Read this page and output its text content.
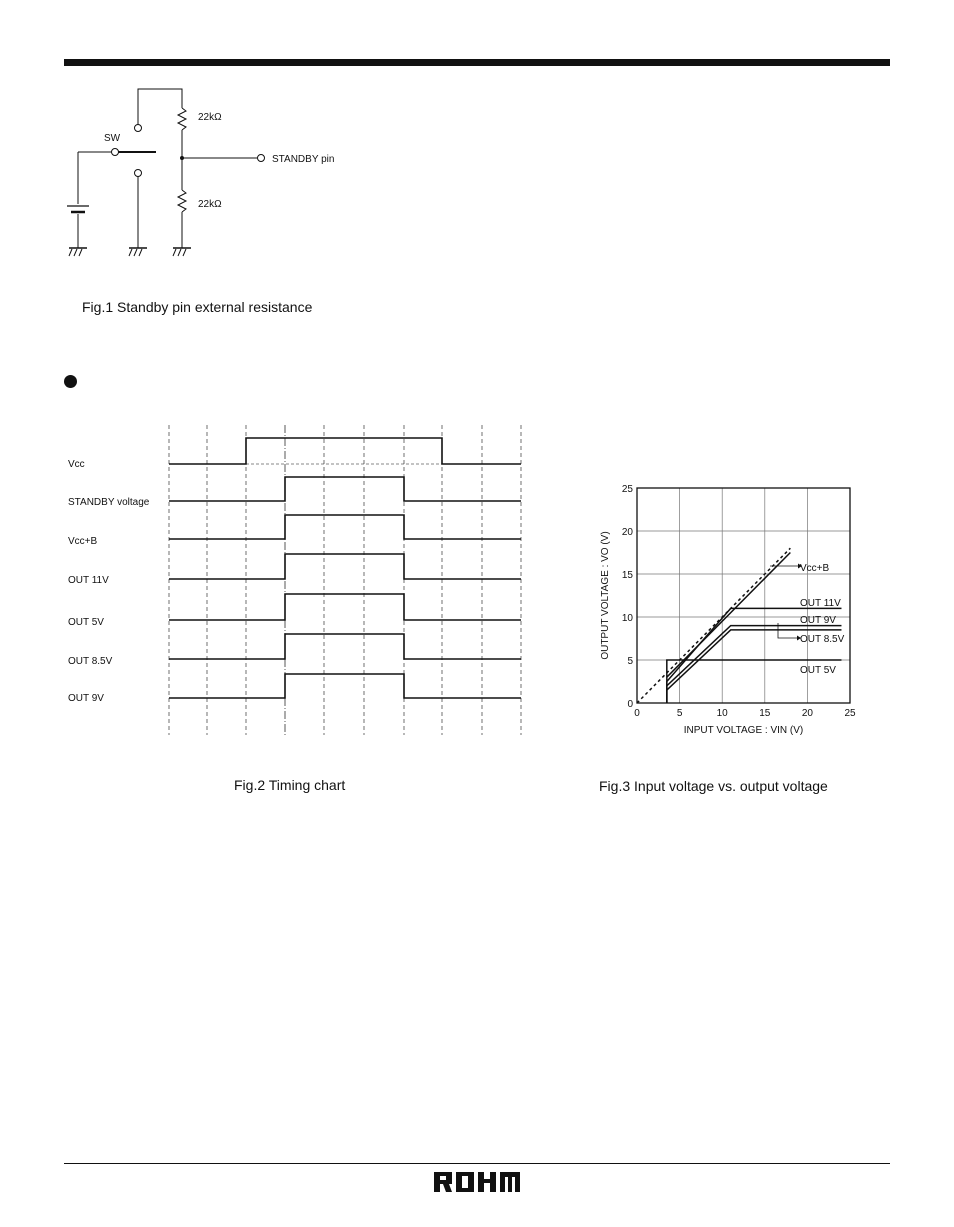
SW
22kΩ
22kΩ
STANDBY pin
Fig.1 Standby pin external resistance
Vcc
STANDBY voltage
Vcc+B
OUT 11V
OUT 5V
OUT 8.5V
OUT 9V
Fig.2 Timing chart
0	5	10	15	20	25
0
5
10
15
20
25
Vcc+B
OUT 11V
OUT 9V
OUT 8.5V
OUT 5V
INPUT VOLTAGE : VIN (V)
OUTPUT VOLTAGE : VO (V)
Fig.3 Input voltage vs. output voltage
